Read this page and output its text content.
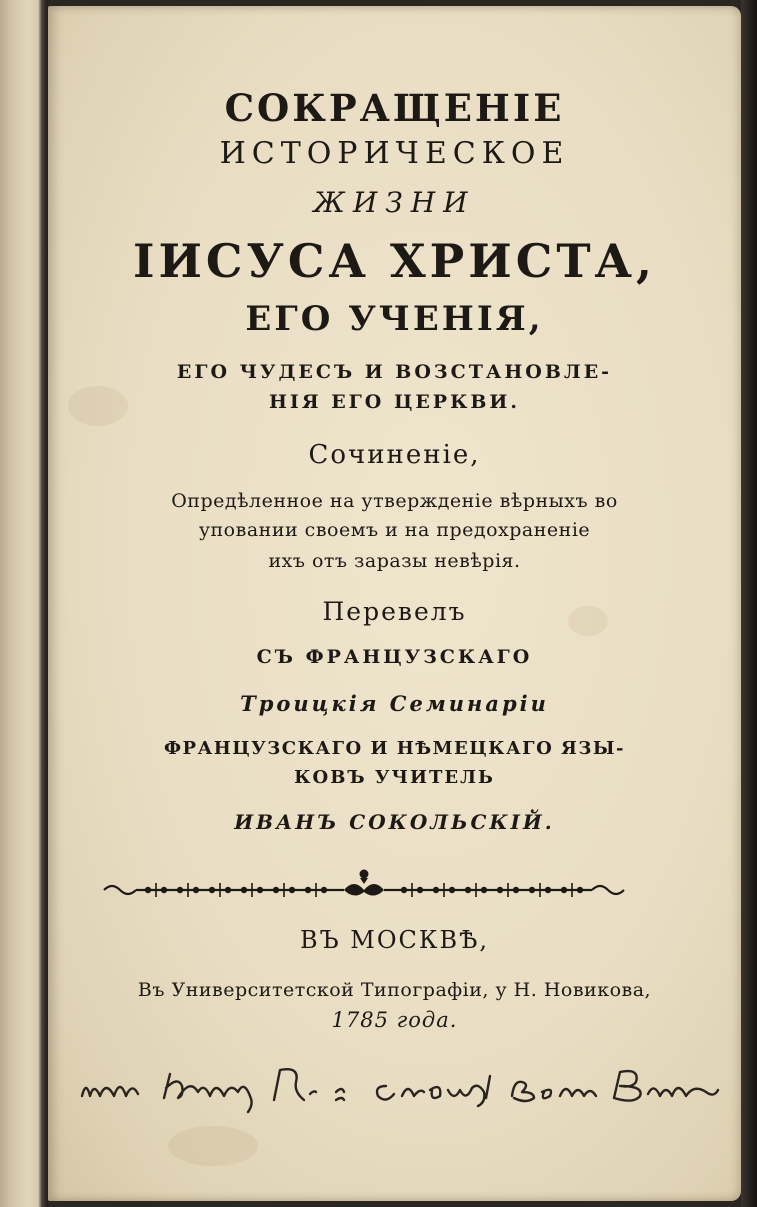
СОКРАЩЕНІЕ
ИСТОРИЧЕСКОЕ
ЖИЗНИ
ІИСУСА ХРИСТА,
ЕГО УЧЕНІЯ,
ЕГО ЧУДЕСЪ И ВОЗСТАНОВЛЕ-
НІЯ ЕГО ЦЕРКВИ.
Сочиненіе,
Опредѣленное на утвержденіе вѣрныхъ во
уповании своемъ и на предохраненіе
ихъ отъ заразы невѣрія.
Перевелъ
СЪ ФРАНЦУЗСКАГО
Троицкія Семинаріи
ФРАНЦУЗСКАГО И НѢМЕЦКАГО ЯЗЫ-
КОВЪ УЧИТЕЛЬ
ИВАНЪ СОКОЛЬСКІЙ.
ВЪ МОСКВѢ,
Въ Университетской Типографіи, у Н. Новикова,
1785 года.
